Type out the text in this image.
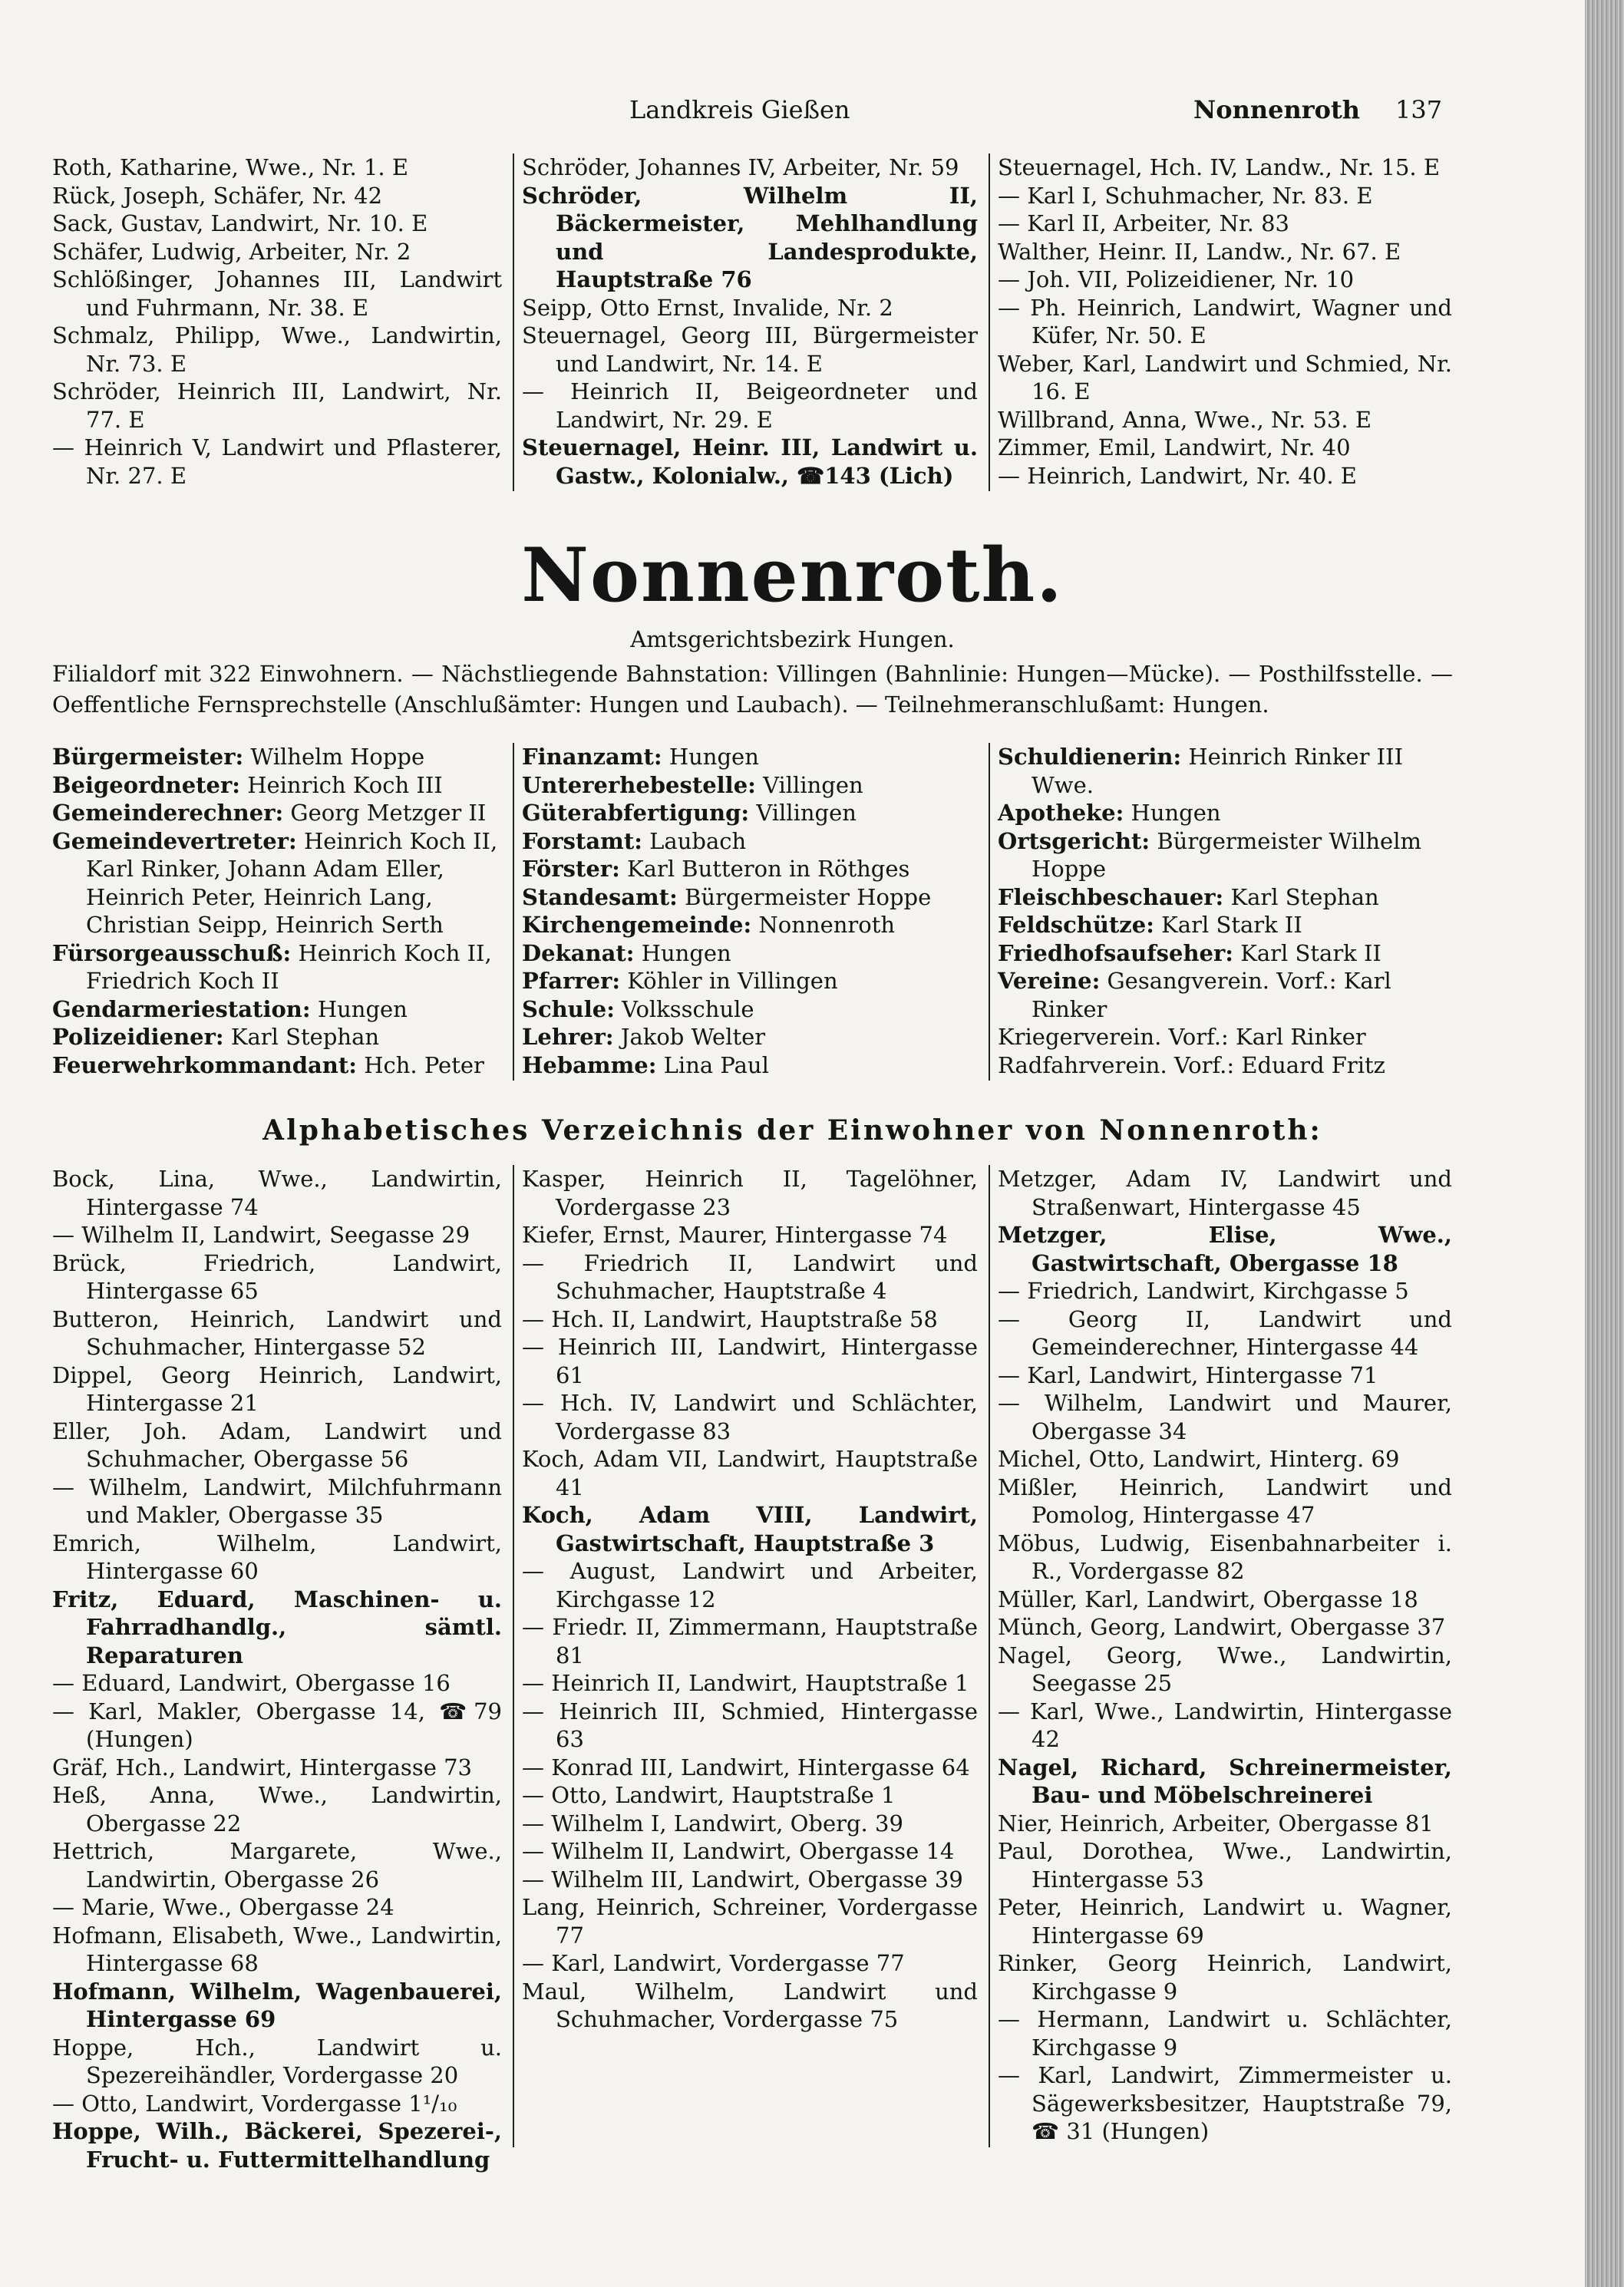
Landkreis Gießen	Nonnenroth 137
Roth, Katharine, Wwe., Nr. 1. E
Rück, Joseph, Schäfer, Nr. 42
Sack, Gustav, Landwirt, Nr. 10. E
Schäfer, Ludwig, Arbeiter, Nr. 2
Schlößinger, Johannes III, Landwirt und Fuhrmann, Nr. 38. E
Schmalz, Philipp, Wwe., Landwirtin, Nr. 73. E
Schröder, Heinrich III, Landwirt, Nr. 77. E
— Heinrich V, Landwirt und Pflasterer, Nr. 27. E
Schröder, Johannes IV, Arbeiter, Nr. 59
Schröder, Wilhelm II, Bäckermeister, Mehlhandlung und Landesprodukte, Hauptstraße 76
Seipp, Otto Ernst, Invalide, Nr. 2
Steuernagel, Georg III, Bürgermeister und Landwirt, Nr. 14. E
— Heinrich II, Beigeordneter und Landwirt, Nr. 29. E
Steuernagel, Heinr. III, Landwirt u. Gastw., Kolonialw., ☎143 (Lich)
Steuernagel, Hch. IV, Landw., Nr. 15. E
— Karl I, Schuhmacher, Nr. 83. E
— Karl II, Arbeiter, Nr. 83
Walther, Heinr. II, Landw., Nr. 67. E
— Joh. VII, Polizeidiener, Nr. 10
— Ph. Heinrich, Landwirt, Wagner und Küfer, Nr. 50. E
Weber, Karl, Landwirt und Schmied, Nr. 16. E
Willbrand, Anna, Wwe., Nr. 53. E
Zimmer, Emil, Landwirt, Nr. 40
— Heinrich, Landwirt, Nr. 40. E
Nonnenroth.
Amtsgerichtsbezirk Hungen.
Filialdorf mit 322 Einwohnern. — Nächstliegende Bahnstation: Villingen (Bahnlinie: Hungen—Mücke). — Posthilfsstelle. — Oeffentliche Fernsprechstelle (Anschlußämter: Hungen und Laubach). — Teilnehmeranschlußamt: Hungen.
Bürgermeister: Wilhelm Hoppe
Beigeordneter: Heinrich Koch III
Gemeinderechner: Georg Metzger II
Gemeindevertreter: Heinrich Koch II, Karl Rinker, Johann Adam Eller, Heinrich Peter, Heinrich Lang, Christian Seipp, Heinrich Serth
Fürsorgeausschuß: Heinrich Koch II, Friedrich Koch II
Gendarmeriestation: Hungen
Polizeidiener: Karl Stephan
Feuerwehrkommandant: Hch. Peter
Finanzamt: Hungen
Untererhebestelle: Villingen
Güterabfertigung: Villingen
Forstamt: Laubach
Förster: Karl Butteron in Röthges
Standesamt: Bürgermeister Hoppe
Kirchengemeinde: Nonnenroth
Dekanat: Hungen
Pfarrer: Köhler in Villingen
Schule: Volksschule
Lehrer: Jakob Welter
Hebamme: Lina Paul
Schuldienerin: Heinrich Rinker III Wwe.
Apotheke: Hungen
Ortsgericht: Bürgermeister Wilhelm Hoppe
Fleischbeschauer: Karl Stephan
Feldschütze: Karl Stark II
Friedhofsaufseher: Karl Stark II
Vereine: Gesangverein. Vorf.: Karl Rinker
Kriegerverein. Vorf.: Karl Rinker
Radfahrverein. Vorf.: Eduard Fritz
Alphabetisches Verzeichnis der Einwohner von Nonnenroth:
Bock, Lina, Wwe., Landwirtin, Hintergasse 74
— Wilhelm II, Landwirt, Seegasse 29
Brück, Friedrich, Landwirt, Hintergasse 65
Butteron, Heinrich, Landwirt und Schuhmacher, Hintergasse 52
Dippel, Georg Heinrich, Landwirt, Hintergasse 21
Eller, Joh. Adam, Landwirt und Schuhmacher, Obergasse 56
— Wilhelm, Landwirt, Milchfuhrmann und Makler, Obergasse 35
Emrich, Wilhelm, Landwirt, Hintergasse 60
Fritz, Eduard, Maschinen- u. Fahrradhandlg., sämtl. Reparaturen
— Eduard, Landwirt, Obergasse 16
— Karl, Makler, Obergasse 14, ☎79 (Hungen)
Gräf, Hch., Landwirt, Hintergasse 73
Heß, Anna, Wwe., Landwirtin, Obergasse 22
Hettrich, Margarete, Wwe., Landwirtin, Obergasse 26
— Marie, Wwe., Obergasse 24
Hofmann, Elisabeth, Wwe., Landwirtin, Hintergasse 68
Hofmann, Wilhelm, Wagenbauerei, Hintergasse 69
Hoppe, Hch., Landwirt u. Spezereihändler, Vordergasse 20
— Otto, Landwirt, Vordergasse 1¹/₁₀
Hoppe, Wilh., Bäckerei, Spezerei-, Frucht- u. Futtermittelhandlung
Kasper, Heinrich II, Tagelöhner, Vordergasse 23
Kiefer, Ernst, Maurer, Hintergasse 74
— Friedrich II, Landwirt und Schuhmacher, Hauptstraße 4
— Hch. II, Landwirt, Hauptstraße 58
— Heinrich III, Landwirt, Hintergasse 61
— Hch. IV, Landwirt und Schlächter, Vordergasse 83
Koch, Adam VII, Landwirt, Hauptstraße 41
Koch, Adam VIII, Landwirt, Gastwirtschaft, Hauptstraße 3
— August, Landwirt und Arbeiter, Kirchgasse 12
— Friedr. II, Zimmermann, Hauptstraße 81
— Heinrich II, Landwirt, Hauptstraße 1
— Heinrich III, Schmied, Hintergasse 63
— Konrad III, Landwirt, Hintergasse 64
— Otto, Landwirt, Hauptstraße 1
— Wilhelm I, Landwirt, Oberg. 39
— Wilhelm II, Landwirt, Obergasse 14
— Wilhelm III, Landwirt, Obergasse 39
Lang, Heinrich, Schreiner, Vordergasse 77
— Karl, Landwirt, Vordergasse 77
Maul, Wilhelm, Landwirt und Schuhmacher, Vordergasse 75
Metzger, Adam IV, Landwirt und Straßenwart, Hintergasse 45
Metzger, Elise, Wwe., Gastwirtschaft, Obergasse 18
— Friedrich, Landwirt, Kirchgasse 5
— Georg II, Landwirt und Gemeinderechner, Hintergasse 44
— Karl, Landwirt, Hintergasse 71
— Wilhelm, Landwirt und Maurer, Obergasse 34
Michel, Otto, Landwirt, Hinterg. 69
Mißler, Heinrich, Landwirt und Pomolog, Hintergasse 47
Möbus, Ludwig, Eisenbahnarbeiter i. R., Vordergasse 82
Müller, Karl, Landwirt, Obergasse 18
Münch, Georg, Landwirt, Obergasse 37
Nagel, Georg, Wwe., Landwirtin, Seegasse 25
— Karl, Wwe., Landwirtin, Hintergasse 42
Nagel, Richard, Schreinermeister, Bau- und Möbelschreinerei
Nier, Heinrich, Arbeiter, Obergasse 81
Paul, Dorothea, Wwe., Landwirtin, Hintergasse 53
Peter, Heinrich, Landwirt u. Wagner, Hintergasse 69
Rinker, Georg Heinrich, Landwirt, Kirchgasse 9
— Hermann, Landwirt u. Schlächter, Kirchgasse 9
— Karl, Landwirt, Zimmermeister u. Sägewerksbesitzer, Hauptstraße 79, ☎ 31 (Hungen)
